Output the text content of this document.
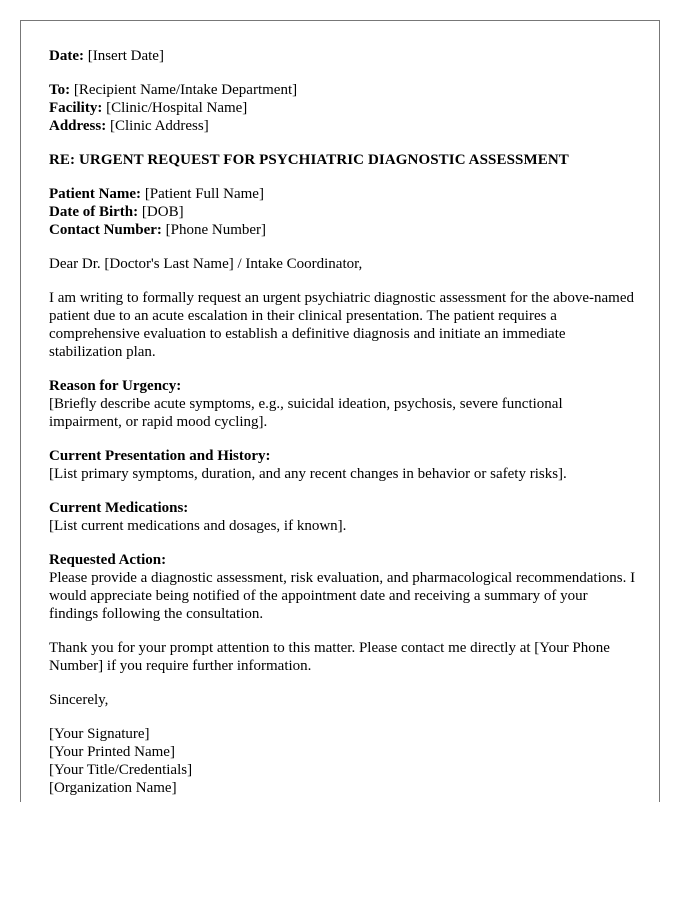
Date: [Insert Date]
To: [Recipient Name/Intake Department]
Facility: [Clinic/Hospital Name]
Address: [Clinic Address]
RE: URGENT REQUEST FOR PSYCHIATRIC DIAGNOSTIC ASSESSMENT
Patient Name: [Patient Full Name]
Date of Birth: [DOB]
Contact Number: [Phone Number]

Dear Dr. [Doctor's Last Name] / Intake Coordinator,

I am writing to formally request an urgent psychiatric diagnostic assessment for the above-named patient due to an acute escalation in their clinical presentation. The patient requires a comprehensive evaluation to establish a definitive diagnosis and initiate an immediate stabilization plan.

Reason for Urgency:

[Briefly describe acute symptoms, e.g., suicidal ideation, psychosis, severe functional impairment, or rapid mood cycling].

Current Presentation and History:

[List primary symptoms, duration, and any recent changes in behavior or safety risks].

Current Medications:

[List current medications and dosages, if known].

Requested Action:

Please provide a diagnostic assessment, risk evaluation, and pharmacological recommendations. I would appreciate being notified of the appointment date and receiving a summary of your findings following the consultation.

Thank you for your prompt attention to this matter. Please contact me directly at [Your Phone Number] if you require further information.

Sincerely,

[Your Signature]
[Your Printed Name]
[Your Title/Credentials]
[Organization Name]
